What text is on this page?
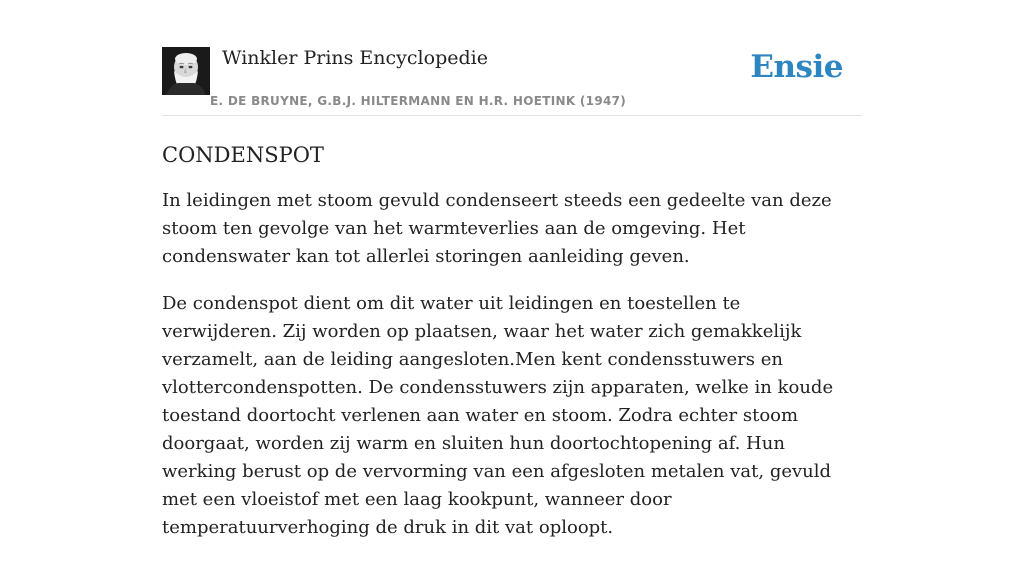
Winkler Prins Encyclopedie
E. DE BRUYNE, G.B.J. HILTERMANN EN H.R. HOETINK (1947)
Ensie
CONDENSPOT

In leidingen met stoom gevuld condenseert steeds een gedeelte van deze stoom ten gevolge van het warmteverlies aan de omgeving. Het condenswater kan tot allerlei storingen aanleiding geven.

De condenspot dient om dit water uit leidingen en toestellen te verwijderen. Zij worden op plaatsen, waar het water zich gemakkelijk verzamelt, aan de leiding aangesloten.Men kent condensstuwers en vlottercondenspotten. De condensstuwers zijn apparaten, welke in koude toestand doortocht verlenen aan water en stoom. Zodra echter stoom doorgaat, worden zij warm en sluiten hun doortochtopening af. Hun werking berust op de vervorming van een afgesloten metalen vat, gevuld met een vloeistof met een laag kookpunt, wanneer door temperatuurverhoging de druk in dit vat oploopt.
